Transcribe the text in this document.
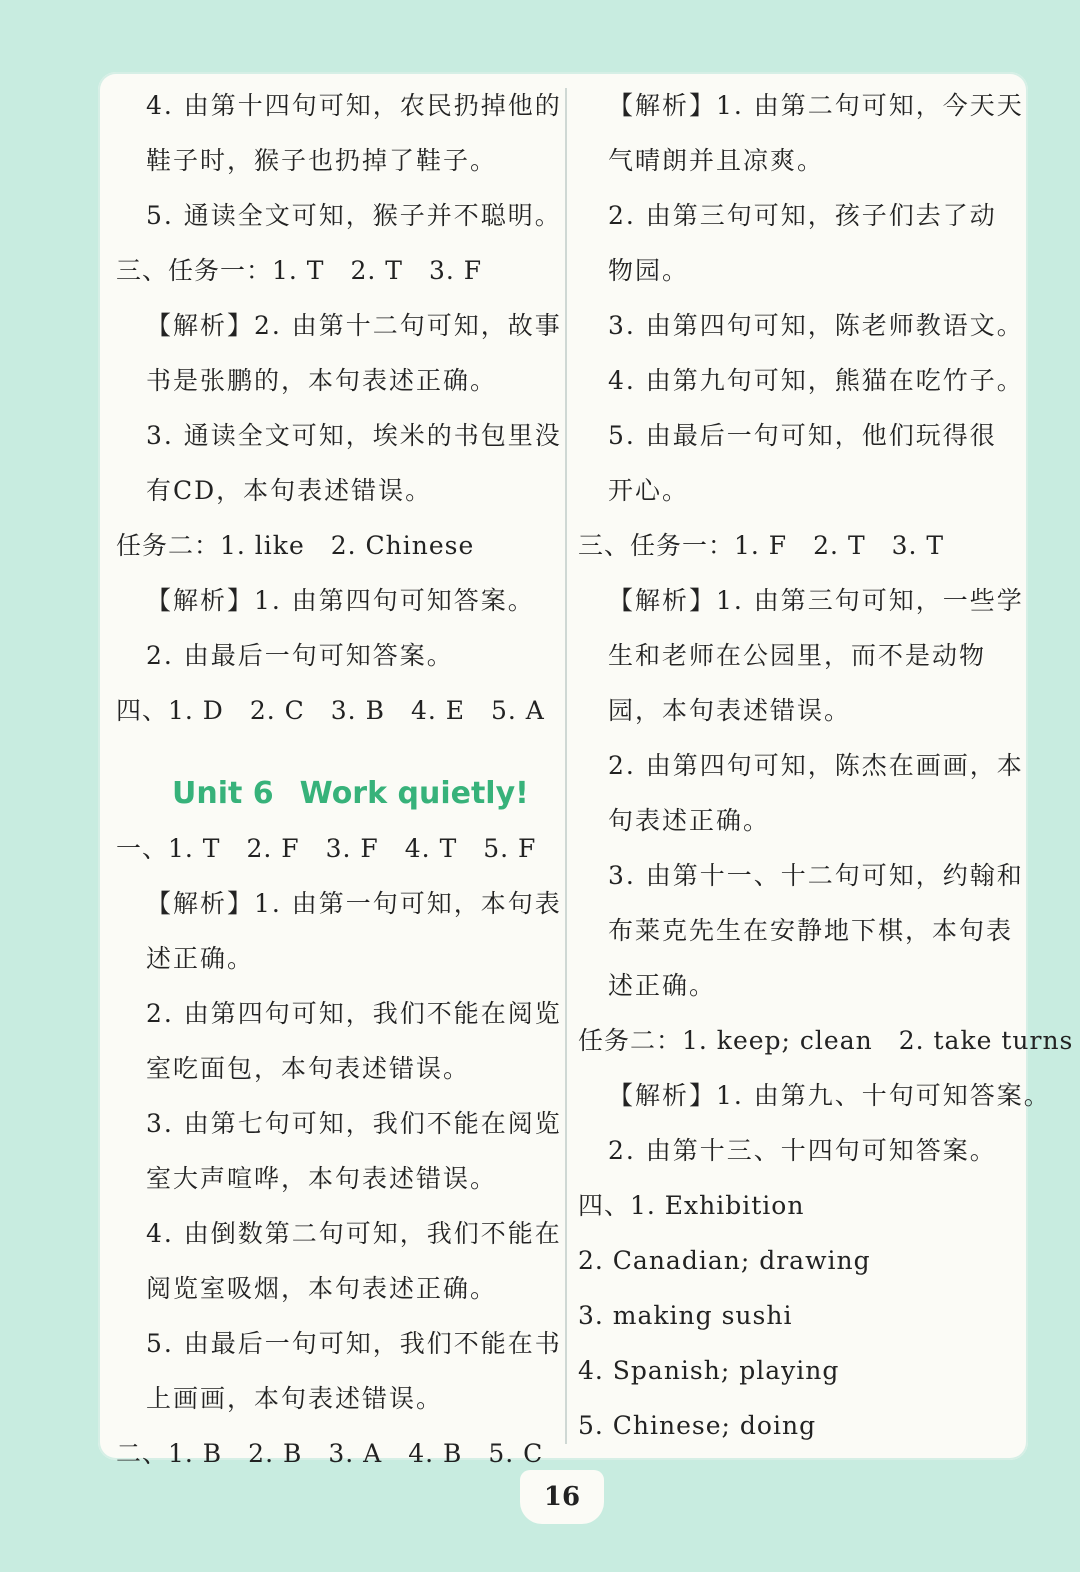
4. 由第十四句可知，农民扔掉他的
鞋子时，猴子也扔掉了鞋子。
5. 通读全文可知，猴子并不聪明。
三、任务一：1. T　2. T　3. F
【解析】2. 由第十二句可知，故事
书是张鹏的，本句表述正确。
3. 通读全文可知，埃米的书包里没
有CD，本句表述错误。
任务二：1. like　2. Chinese
【解析】1. 由第四句可知答案。
2. 由最后一句可知答案。
四、1. D　2. C　3. B　4. E　5. A
Unit 6 Work quietly!
一、1. T　2. F　3. F　4. T　5. F
【解析】1. 由第一句可知，本句表
述正确。
2. 由第四句可知，我们不能在阅览
室吃面包，本句表述错误。
3. 由第七句可知，我们不能在阅览
室大声喧哗，本句表述错误。
4. 由倒数第二句可知，我们不能在
阅览室吸烟，本句表述正确。
5. 由最后一句可知，我们不能在书
上画画，本句表述错误。
二、1. B　2. B　3. A　4. B　5. C
【解析】1. 由第二句可知，今天天
气晴朗并且凉爽。
2. 由第三句可知，孩子们去了动
物园。
3. 由第四句可知，陈老师教语文。
4. 由第九句可知，熊猫在吃竹子。
5. 由最后一句可知，他们玩得很
开心。
三、任务一：1. F　2. T　3. T
【解析】1. 由第三句可知，一些学
生和老师在公园里，而不是动物
园，本句表述错误。
2. 由第四句可知，陈杰在画画，本
句表述正确。
3. 由第十一、十二句可知，约翰和
布莱克先生在安静地下棋，本句表
述正确。
任务二：1. keep; clean　2. take turns
【解析】1. 由第九、十句可知答案。
2. 由第十三、十四句可知答案。
四、1. Exhibition
2. Canadian; drawing
3. making sushi
4. Spanish; playing
5. Chinese; doing
16
